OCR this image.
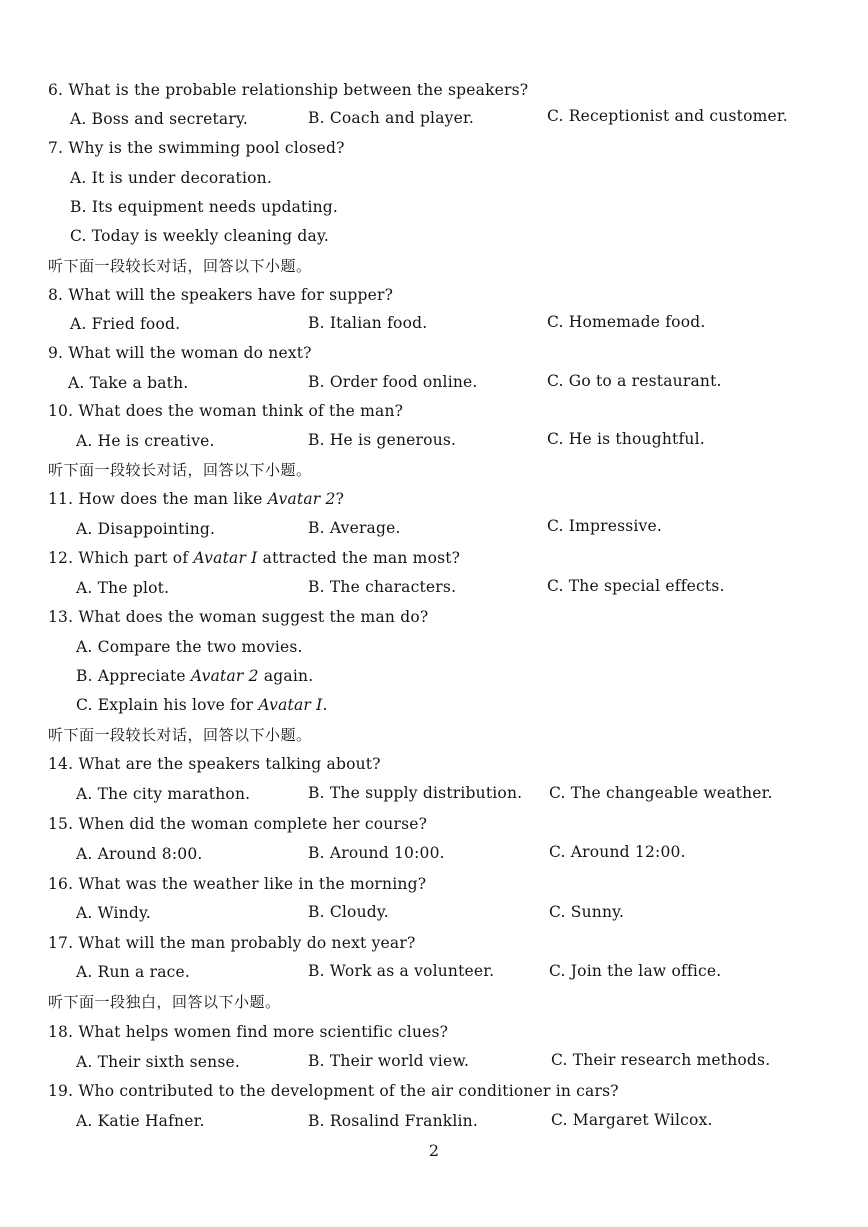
6. What is the probable relationship between the speakers?
A. Boss and secretary.	B. Coach and player.	C. Receptionist and customer.
7. Why is the swimming pool closed?
A. It is under decoration.
B. Its equipment needs updating.
C. Today is weekly cleaning day.
听下面一段较长对话，回答以下小题。
8. What will the speakers have for supper?
A. Fried food.	B. Italian food.	C. Homemade food.
9. What will the woman do next?
A. Take a bath.	B. Order food online.	C. Go to a restaurant.
10. What does the woman think of the man?
A. He is creative.	B. He is generous.	C. He is thoughtful.
听下面一段较长对话，回答以下小题。
11. How does the man like Avatar 2?
A. Disappointing.	B. Average.	C. Impressive.
12. Which part of Avatar I attracted the man most?
A. The plot.	B. The characters.	C. The special effects.
13. What does the woman suggest the man do?
A. Compare the two movies.
B. Appreciate Avatar 2 again.
C. Explain his love for Avatar I.
听下面一段较长对话，回答以下小题。
14. What are the speakers talking about?
A. The city marathon.	B. The supply distribution. C. The changeable weather.
15. When did the woman complete her course?
A. Around 8:00.	B. Around 10:00.	C. Around 12:00.
16. What was the weather like in the morning?
A. Windy.	B. Cloudy.	C. Sunny.
17. What will the man probably do next year?
A. Run a race.	B. Work as a volunteer.	C. Join the law office.
听下面一段独白，回答以下小题。
18. What helps women find more scientific clues?
A. Their sixth sense.	B. Their world view.	C. Their research methods.
19. Who contributed to the development of the air conditioner in cars?
A. Katie Hafner.	B. Rosalind Franklin.	C. Margaret Wilcox.
2
